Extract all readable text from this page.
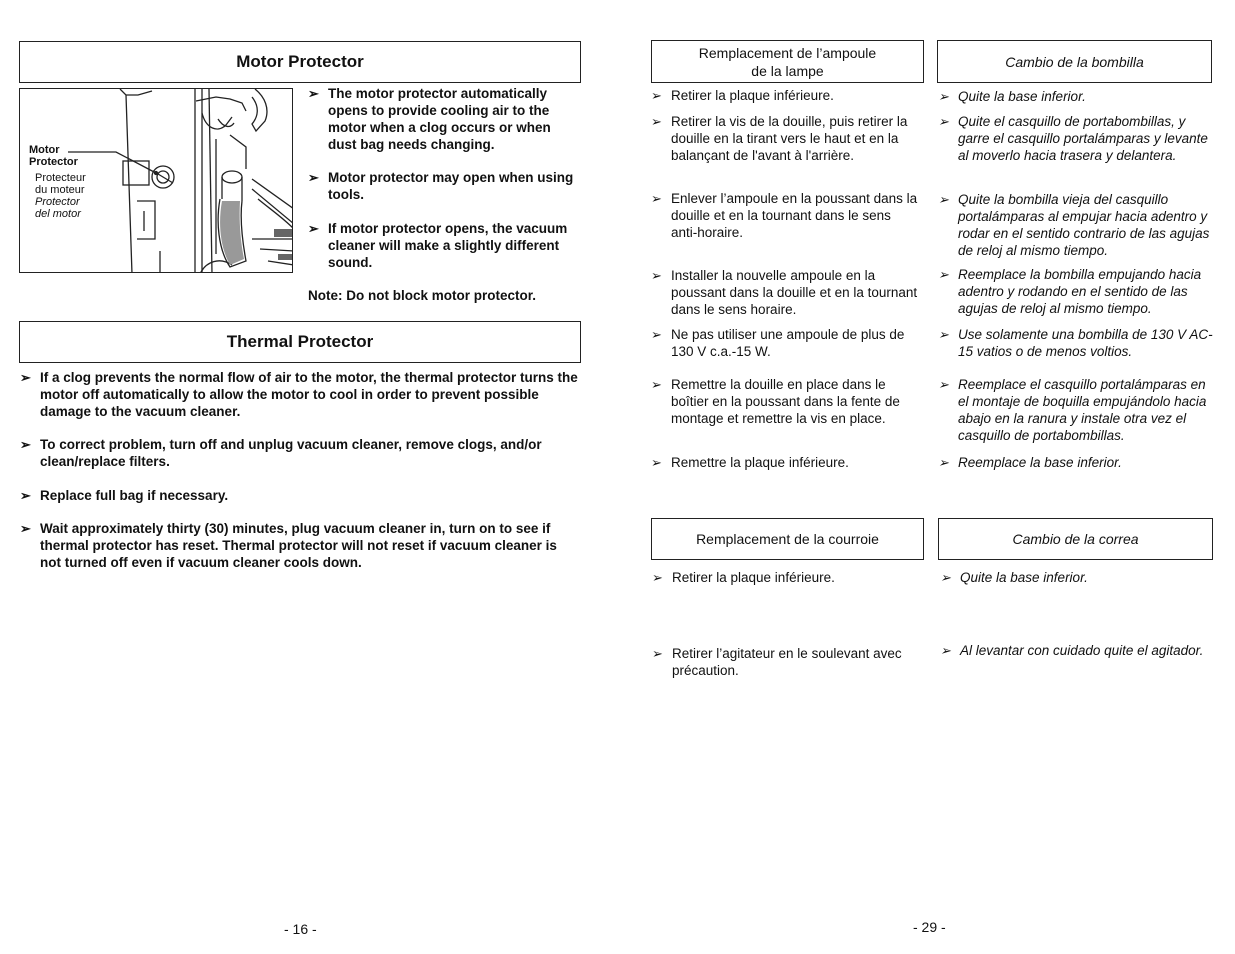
Motor Protector
Motor
Protector
Protecteur
du moteur
Protector
del motor
➢ The motor protector automatically opens to provide cooling air to the motor when a clog occurs or when dust bag needs changing.
➢ Motor protector may open when using tools.
➢ If motor protector opens, the vacuum cleaner will make a slightly different sound.
Note: Do not block motor protector.
Thermal Protector
➢ If a clog prevents the normal flow of air to the motor, the thermal protector turns the motor off automatically to allow the motor to cool in order to prevent possible damage to the vacuum cleaner.
➢ To correct problem, turn off and unplug vacuum cleaner, remove clogs, and/or clean/replace filters.
➢ Replace full bag if necessary.
➢ Wait approximately thirty (30) minutes, plug vacuum cleaner in, turn on to see if thermal protector has reset. Thermal protector will not reset if vacuum cleaner is not turned off even if vacuum cleaner cools down.
- 16 -
Remplacement de l’ampoule
de la lampe
Cambio de la bombilla
➢ Retirer la plaque inférieure.
➢ Retirer la vis de la douille, puis retirer la douille en la tirant vers le haut et en la balançant de l'avant à l'arrière.
➢ Enlever l’ampoule en la poussant dans la douille et en la tournant dans le sens anti-horaire.
➢ Installer la nouvelle ampoule en la poussant dans la douille et en la tournant dans le sens horaire.
➢ Ne pas utiliser une ampoule de plus de 130 V c.a.-15 W.
➢ Remettre la douille en place dans le boîtier en la poussant dans la fente de montage et remettre la vis en place.
➢ Remettre la plaque inférieure.
➢ Quite la base inferior.
➢ Quite el casquillo de portabombillas, y garre el casquillo portalámparas y levante al moverlo hacia trasera y delantera.
➢ Quite la bombilla vieja del casquillo portalámparas al empujar hacia adentro y rodar en el sentido contrario de las agujas de reloj al mismo tiempo.
➢ Reemplace la bombilla empujando hacia adentro y rodando en el sentido de las agujas de reloj al mismo tiempo.
➢ Use solamente una bombilla de 130 V AC-15 vatios o de menos voltios.
➢ Reemplace el casquillo portalámparas en el montaje de boquilla empujándolo hacia abajo en la ranura y instale otra vez el casquillo de portabombillas.
➢ Reemplace la base inferior.
Remplacement de la courroie	Cambio de la correa
➢ Retirer la plaque inférieure.
➢ Retirer l’agitateur en le soulevant avec précaution.
➢ Quite la base inferior.
➢ Al levantar con cuidado quite el agitador.
- 29 -
